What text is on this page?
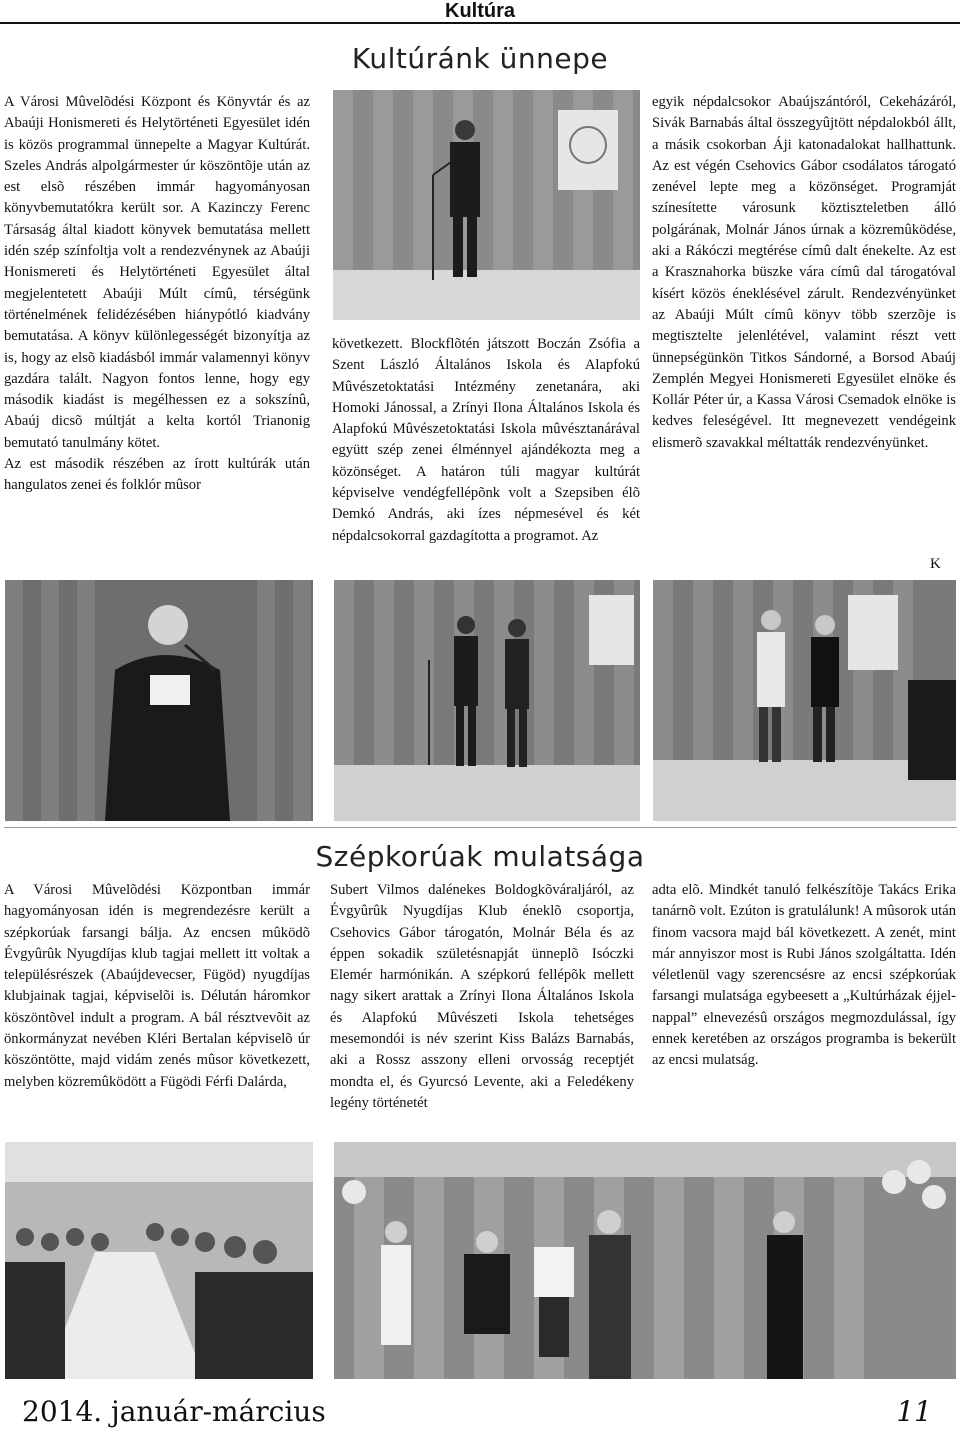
Kultúra
Kultúránk ünnepe

A Városi Mûvelõdési Központ és Könyvtár és az Abaúji Honismereti és Helytörténeti Egyesület idén is közös programmal ünnepelte a Magyar Kultúrát. Szeles András alpolgármester úr köszöntõje után az est elsõ részében immár hagyományosan könyvbemutatókra került sor. A Kazinczy Ferenc Társaság által kiadott könyvek bemutatása mellett idén szép színfoltja volt a rendezvénynek az Abaúji Honismereti és Helytörténeti Egyesület által megjelentetett Abaúji Múlt címû, térségünk történelmének felidézésében hiánypótló kiadvány bemutatása. A könyv különlegességét bizonyítja az is, hogy az elsõ kiadásból immár valamennyi könyv gazdára talált. Nagyon fontos lenne, hogy egy második kiadást is megélhessen ez a sokszínû, Abaúj dicsõ múltját a kelta kortól Trianonig bemutató tanulmány kötet.

Az est második részében az írott kultúrák után hangulatos zenei és folklór mûsor

következett. Blockflõtén játszott Boczán Zsófia a Szent László Általános Iskola és Alapfokú Mûvészetoktatási Intézmény zenetanára, aki Homoki Jánossal, a Zrínyi Ilona Általános Iskola és Alapfokú Mûvészetoktatási Iskola mûvésztanárával együtt szép zenei élménnyel ajándékozta meg a közönséget. A határon túli magyar kultúrát képviselve vendégfellépõnk volt a Szepsiben élõ Demkó András, aki ízes népmesével és két népdalcsokorral gazdagította a programot. Az

egyik népdalcsokor Abaújszántóról, Cekeházáról, Sivák Barnabás által összegyûjtött népdalokból állt, a másik csokorban Áji katonadalokat hallhattunk. Az est végén Csehovics Gábor csodálatos tárogató zenével lepte meg a közönséget. Programját színesítette városunk köztiszteletben álló polgárának, Molnár János úrnak a közremûködése, aki a Rákóczi megtérése címû dalt énekelte. Az est a Krasznahorka büszke vára címû dal tárogatóval kísért közös éneklésével zárult. Rendezvényünket az Abaúji Múlt címû könyv több szerzõje is megtisztelte jelenlétével, valamint részt vett ünnepségünkön Titkos Sándorné, a Borsod Abaúj Zemplén Megyei Honismereti Egyesület elnöke és Kollár Péter úr, a Kassa Városi Csemadok elnöke is kedves feleségével. Itt megnevezett vendégeink elismerõ szavakkal méltatták rendezvényünket.

K
Szépkorúak mulatsága

A Városi Mûvelõdési Központban immár hagyományosan idén is megrendezésre került a szépkorúak farsangi bálja. Az encsen mûködõ Évgyûrûk Nyugdíjas klub tagjai mellett itt voltak a településrészek (Abaújdevecser, Fügöd) nyugdíjas klubjainak tagjai, képviselõi is. Délután háromkor köszöntõvel indult a program. A bál résztvevõit az önkormányzat nevében Kléri Bertalan képviselõ úr köszöntötte, majd vidám zenés mûsor következett, melyben közremûködött a Fügödi Férfi Dalárda,

Subert Vilmos dalénekes Boldogkõváraljáról, az Évgyûrûk Nyugdíjas Klub éneklõ csoportja, Csehovics Gábor tárogatón, Molnár Béla és az éppen sokadik születésnapját ünneplõ Isóczki Elemér harmónikán. A szépkorú fellépõk mellett nagy sikert arattak a Zrínyi Ilona Általános Iskola és Alapfokú Mûvészeti Iskola tehetséges mesemondói is név szerint Kiss Balázs Barnabás, aki a Rossz asszony elleni orvosság receptjét mondta el, és Gyurcsó Levente, aki a Feledékeny legény történetét

adta elõ. Mindkét tanuló felkészítõje Takács Erika tanárnõ volt. Ezúton is gratulálunk! A mûsorok után finom vacsora majd bál következett. A zenét, mint már annyiszor most is Rubi János szolgáltatta. Idén véletlenül vagy szerencsésre az encsi szépkorúak farsangi mulatsága egybeesett a „Kultúrházak éjjel-nappal” elnevezésû országos megmozdulással, így ennek keretében az országos programba is bekerült az encsi mulatság.

2014. január-március	11
